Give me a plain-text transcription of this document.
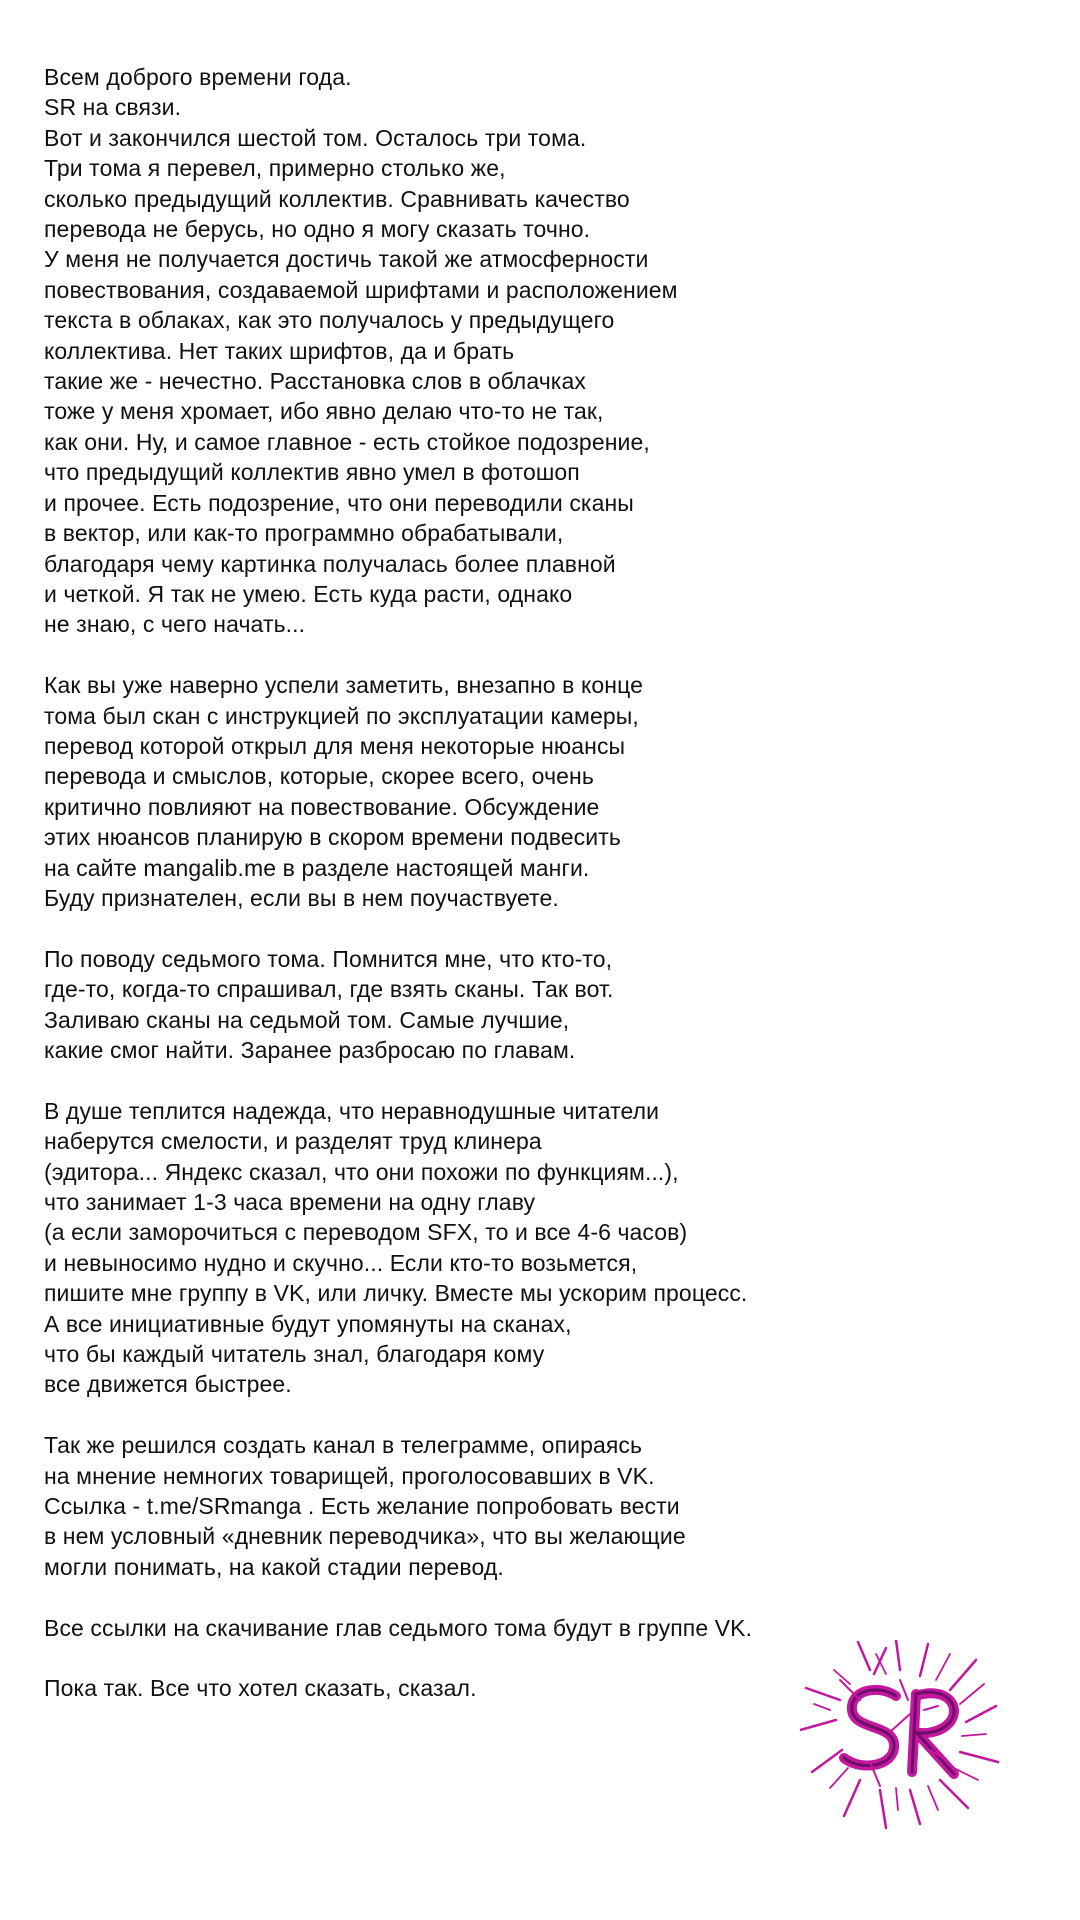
Всем доброго времени года.
SR на связи.
Вот и закончился шестой том. Осталось три тома.
Три тома я перевел, примерно столько же,
сколько предыдущий коллектив. Сравнивать качество
перевода не берусь, но одно я могу сказать точно.
У меня не получается достичь такой же атмосферности
повествования, создаваемой шрифтами и расположением
текста в облаках, как это получалось у предыдущего
коллектива. Нет таких шрифтов, да и брать
такие же - нечестно. Расстановка слов в облачках
тоже у меня хромает, ибо явно делаю что-то не так,
как они. Ну, и самое главное - есть стойкое подозрение,
что предыдущий коллектив явно умел в фотошоп
и прочее. Есть подозрение, что они переводили сканы
в вектор, или как-то программно обрабатывали,
благодаря чему картинка получалась более плавной
и четкой. Я так не умею. Есть куда расти, однако
не знаю, с чего начать...

Как вы уже наверно успели заметить, внезапно в конце
тома был скан с инструкцией по эксплуатации камеры,
перевод которой открыл для меня некоторые нюансы
перевода и смыслов, которые, скорее всего, очень
критично повлияют на повествование. Обсуждение
этих нюансов планирую в скором времени подвесить
на сайте mangalib.me в разделе настоящей манги.
Буду признателен, если вы в нем поучаствуете.

По поводу седьмого тома. Помнится мне, что кто-то,
где-то, когда-то спрашивал, где взять сканы. Так вот.
Заливаю сканы на седьмой том. Самые лучшие,
какие смог найти. Заранее разбросаю по главам.

В душе теплится надежда, что неравнодушные читатели
наберутся смелости, и разделят труд клинера
(эдитора... Яндекс сказал, что они похожи по функциям...),
что занимает 1-3 часа времени на одну главу
(а если заморочиться с переводом SFX, то и все 4-6 часов)
и невыносимо нудно и скучно... Если кто-то возьмется,
пишите мне группу в VK, или личку. Вместе мы ускорим процесс.
А все инициативные будут упомянуты на сканах,
что бы каждый читатель знал, благодаря кому
все движется быстрее.

Так же решился создать канал в телеграмме, опираясь
на мнение немногих товарищей, проголосовавших в VK.
Ссылка - t.me/SRmanga . Есть желание попробовать вести
в нем условный «дневник переводчика», что вы желающие
могли понимать, на какой стадии перевод.

Все ссылки на скачивание глав седьмого тома будут в группе VK.

Пока так. Все что хотел сказать, сказал.
